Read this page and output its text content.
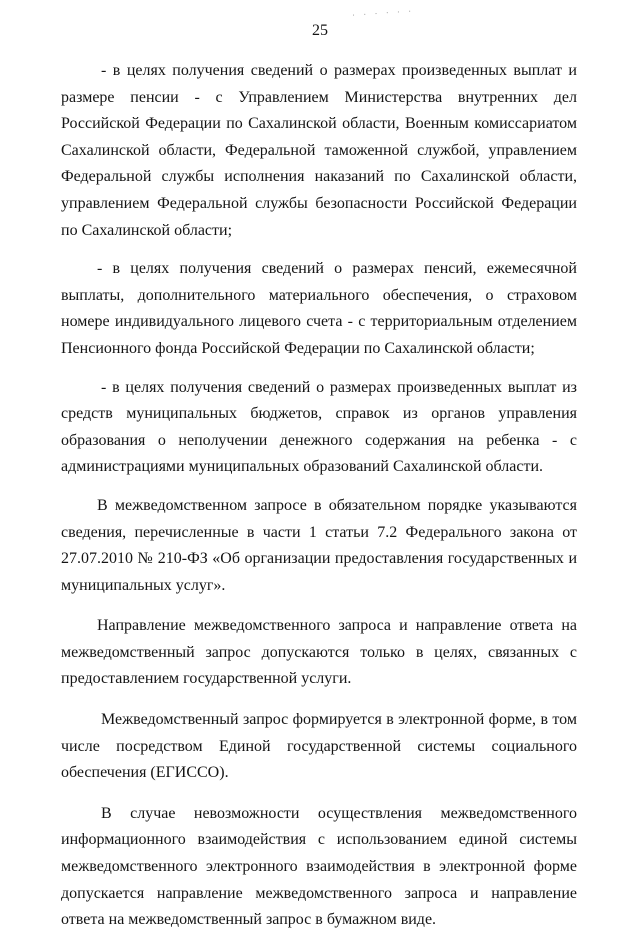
25
· · · · · ·

- в целях получения сведений о размерах произведенных выплат и размере пенсии - с Управлением Министерства внутренних дел Российской Федерации по Сахалинской области, Военным комиссариатом Сахалинской области, Федеральной таможенной службой, управлением Федеральной службы исполнения наказаний по Сахалинской области, управлением Федеральной службы безопасности Российской Федерации по Сахалинской области;

- в целях получения сведений о размерах пенсий, ежемесячной выплаты, дополнительного материального обеспечения, о страховом номере индивидуального лицевого счета - с территориальным отделением Пенсионного фонда Российской Федерации по Сахалинской области;

- в целях получения сведений о размерах произведенных выплат из средств муниципальных бюджетов, справок из органов управления образования о неполучении денежного содержания на ребенка - с администрациями муниципальных образований Сахалинской области.

В межведомственном запросе в обязательном порядке указываются сведения, перечисленные в части 1 статьи 7.2 Федерального закона от 27.07.2010 № 210-ФЗ «Об организации предоставления государственных и муниципальных услуг».

Направление межведомственного запроса и направление ответа на межведомственный запрос допускаются только в целях, связанных с предоставлением государственной услуги.

Межведомственный запрос формируется в электронной форме, в том числе посредством Единой государственной системы социального обеспечения (ЕГИССО).

В случае невозможности осуществления межведомственного информационного взаимодействия с использованием единой системы межведомственного электронного взаимодействия в электронной форме допускается направление межведомственного запроса и направление ответа на межведомственный запрос в бумажном виде.
